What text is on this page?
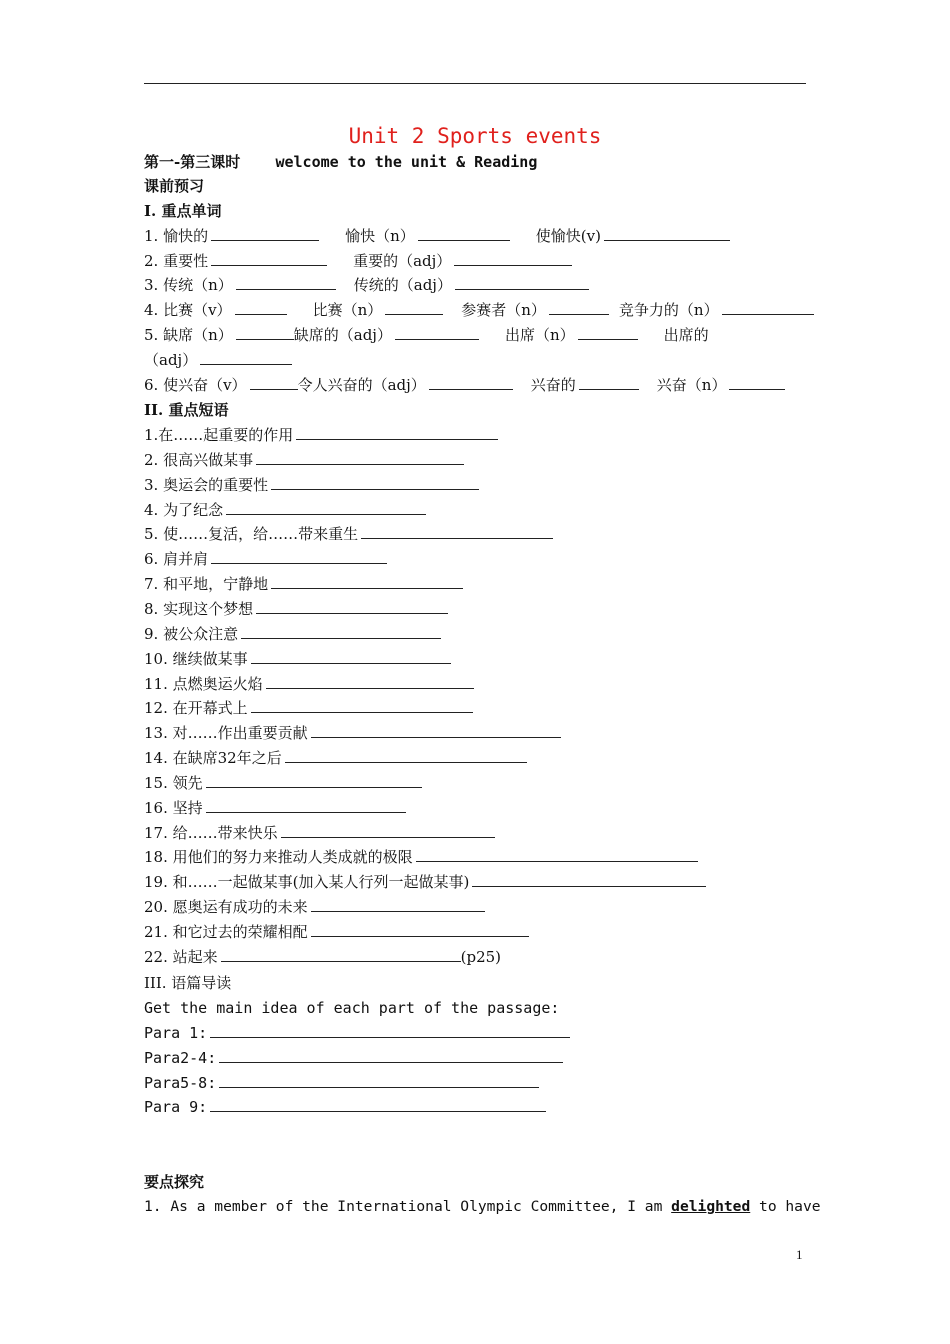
Unit 2 Sports events
第一-第三课时 welcome to the unit & Reading
课前预习
I. 重点单词
1. 愉快的	愉快（n）	使愉快(v)
2. 重要性	重要的（adj）
3. 传统（n）	传统的（adj）
4. 比赛（v）	比赛（n）	参赛者（n）	竞争力的（n）
5. 缺席（n）	缺席的（adj）	出席（n）	出席的
（adj）
6. 使兴奋（v）	令人兴奋的（adj）	兴奋的	兴奋（n）
II. 重点短语
1.在……起重要的作用
2. 很高兴做某事
3. 奥运会的重要性
4. 为了纪念
5. 使……复活，给……带来重生
6. 肩并肩
7. 和平地，宁静地
8. 实现这个梦想
9. 被公众注意
10. 继续做某事
11. 点燃奥运火焰
12. 在开幕式上
13. 对……作出重要贡献
14. 在缺席32年之后
15. 领先
16. 坚持
17. 给……带来快乐
18. 用他们的努力来推动人类成就的极限
19. 和……一起做某事(加入某人行列一起做某事)
20. 愿奥运有成功的未来
21. 和它过去的荣耀相配
22. 站起来	(p25)
III. 语篇导读
Get the main idea of each part of the passage:
Para 1:
Para2-4:
Para5-8:
Para 9:
要点探究
1. As a member of the International Olympic Committee, I am delighted to have
1
